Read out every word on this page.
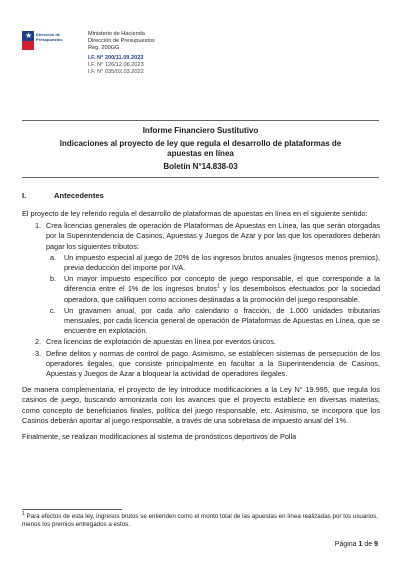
★ Dirección de Presupuestos
Ministerio de Hacienda
Dirección de Presupuestos
Reg. 200GG
I.F. N° 200/11.09.2023
I.F. N° 126/12.06.2023
I.F. N° 035/02.03.2022
Informe Financiero Sustitutivo
Indicaciones al proyecto de ley que regula el desarrollo de plataformas de apuestas en línea
Boletín N°14.838-03
I.	Antecedentes

El proyecto de ley referido regula el desarrollo de plataformas de apuestas en línea en el siguiente sentido:

1. Crea licencias generales de operación de Plataformas de Apuestas en Línea, las que serán otorgadas por la Superintendencia de Casinos, Apuestas y Juegos de Azar y por las que los operadores deberán pagar los siguientes tributos:
a. Un impuesto especial al juego de 20% de los ingresos brutos anuales (ingresos menos premios), previa deducción del importe por IVA.
b. Un mayor impuesto específico por concepto de juego responsable, el que corresponde a la diferencia entre el 1% de los ingresos brutos$^1$ y los desembolsos efectuados por la sociedad operadora, que califiquen como acciones destinadas a la promoción del juego responsable.
c. Un gravamen anual, por cada año calendario o fracción, de 1.000 unidades tributarias mensuales, por cada licencia general de operación de Plataformas de Apuestas en Línea, que se encuentre en explotación.
2. Crea licencias de explotación de apuestas en línea por eventos únicos.
3. Define delitos y normas de control de pago. Asimismo, se establecen sistemas de persecución de los operadores ilegales, que consiste principalmente en facultar a la Superintendencia de Casinos, Apuestas y Juegos de Azar a bloquear la actividad de operadores ilegales.

De manera complementaria, el proyecto de ley introduce modificaciones a la Ley N° 19.995, que regula los casinos de juego, buscando armonizarla con los avances que el proyecto establece en diversas materias, como concepto de beneficiarios finales, política del juego responsable, etc. Asimismo, se incorpora que los Casinos deberán aportar al juego responsable, a través de una sobretasa de impuesto anual del 1%.

Finalmente, se realizan modificaciones al sistema de pronósticos deportivos de Polla

$^1$ Para efectos de esta ley, ingresos brutos se entienden como el monto total de las apuestas en línea realizadas por los usuarios, menos los premios entregados a estos.
Página 1 de 9
